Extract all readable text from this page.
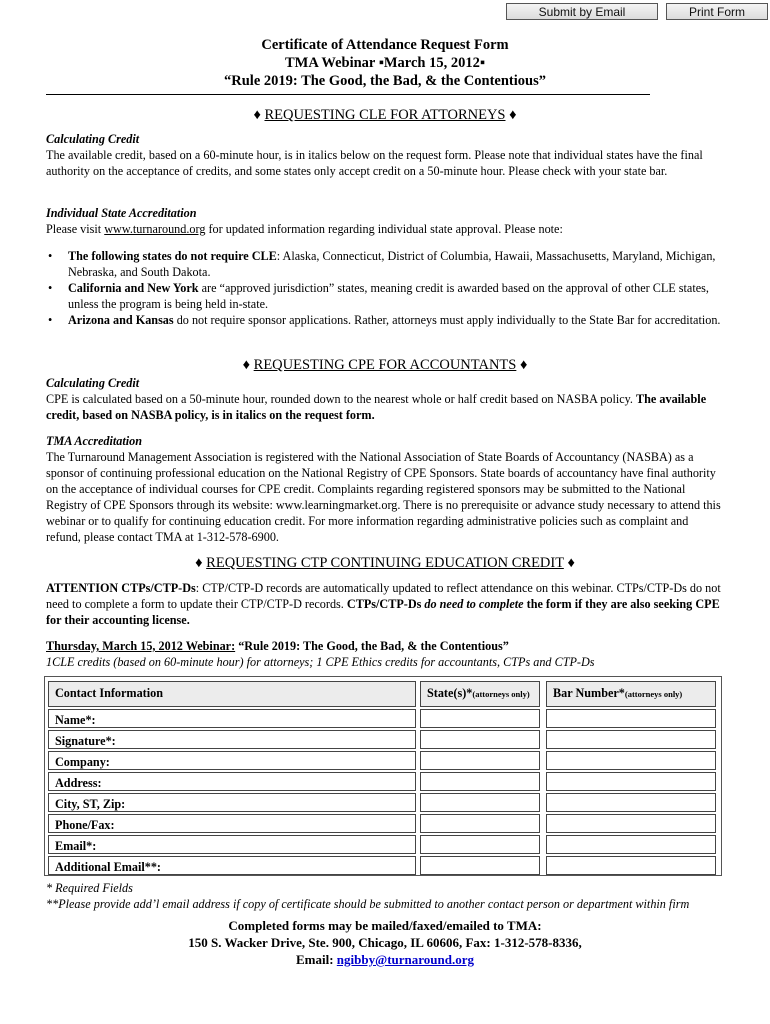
Submit by Email	Print Form
Certificate of Attendance Request Form
TMA Webinar ▪March 15, 2012▪
“Rule 2019: The Good, the Bad, & the Contentious”
♦ REQUESTING CLE FOR ATTORNEYS ♦
Calculating Credit
The available credit, based on a 60-minute hour, is in italics below on the request form. Please note that individual states have the final authority on the acceptance of credits, and some states only accept credit on a 50-minute hour. Please check with your state bar.
Individual State Accreditation
Please visit www.turnaround.org for updated information regarding individual state approval. Please note:
• The following states do not require CLE: Alaska, Connecticut, District of Columbia, Hawaii, Massachusetts, Maryland, Michigan, Nebraska, and South Dakota.
• California and New York are “approved jurisdiction” states, meaning credit is awarded based on the approval of other CLE states, unless the program is being held in-state.
• Arizona and Kansas do not require sponsor applications. Rather, attorneys must apply individually to the State Bar for accreditation.
♦ REQUESTING CPE FOR ACCOUNTANTS ♦
Calculating Credit
CPE is calculated based on a 50-minute hour, rounded down to the nearest whole or half credit based on NASBA policy. The available credit, based on NASBA policy, is in italics on the request form.
TMA Accreditation
The Turnaround Management Association is registered with the National Association of State Boards of Accountancy (NASBA) as a sponsor of continuing professional education on the National Registry of CPE Sponsors. State boards of accountancy have final authority on the acceptance of individual courses for CPE credit. Complaints regarding registered sponsors may be submitted to the National Registry of CPE Sponsors through its website: www.learningmarket.org. There is no prerequisite or advance study necessary to attend this webinar or to qualify for continuing education credit. For more information regarding administrative policies such as complaint and refund, please contact TMA at 1-312-578-6900.
♦ REQUESTING CTP CONTINUING EDUCATION CREDIT ♦
ATTENTION CTPs/CTP-Ds: CTP/CTP-D records are automatically updated to reflect attendance on this webinar. CTPs/CTP-Ds do not need to complete a form to update their CTP/CTP-D records. CTPs/CTP-Ds do need to complete the form if they are also seeking CPE for their accounting license.
Thursday, March 15, 2012 Webinar: “Rule 2019: The Good, the Bad, & the Contentious”
1CLE credits (based on 60-minute hour) for attorneys; 1 CPE Ethics credits for accountants, CTPs and CTP-Ds
Contact Information	State(s)*(attorneys only) Bar Number*(attorneys only)
Name*:
Signature*:
Company:
Address:
City, ST, Zip:
Phone/Fax:
Email*:
Additional Email**:
* Required Fields
**Please provide add’l email address if copy of certificate should be submitted to another contact person or department within firm
Completed forms may be mailed/faxed/emailed to TMA:
150 S. Wacker Drive, Ste. 900, Chicago, IL 60606, Fax: 1-312-578-8336,
Email: ngibby@turnaround.org
